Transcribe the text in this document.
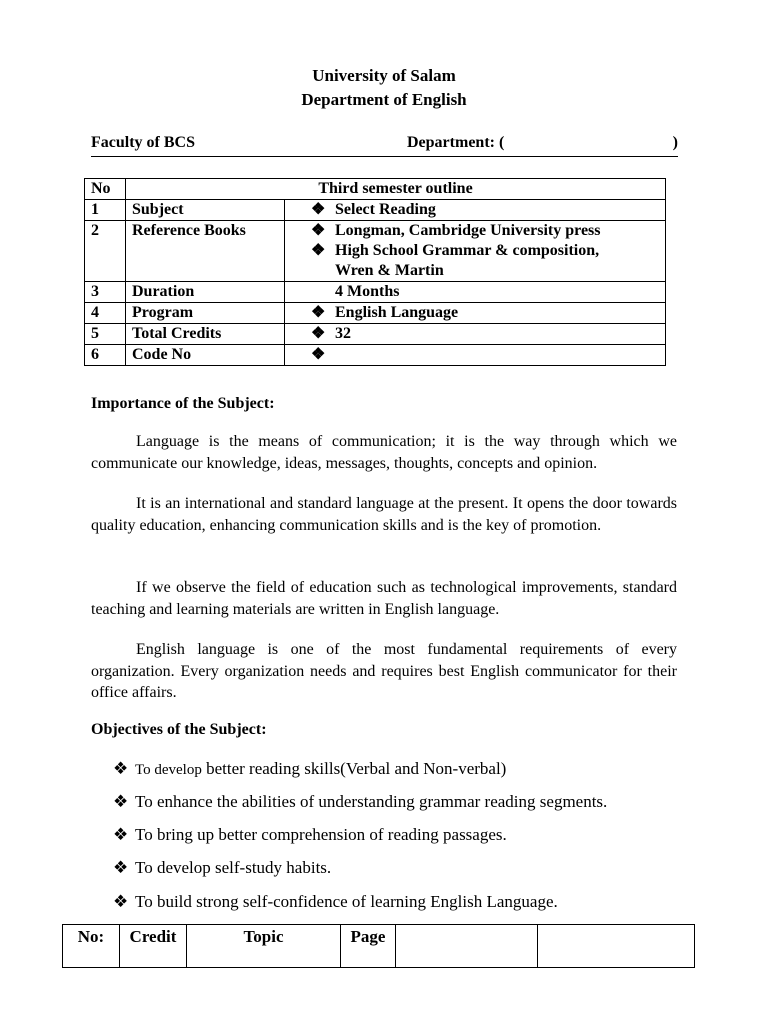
University of Salam
Department of English
Faculty of BCS	Department: (	)
No	Third semester outline	
1	Subject	❖ Select Reading

2	Reference Books	❖ Longman, Cambridge University press
❖ High School Grammar & composition,
Wren & Martin

3	Duration	4 Months

4	Program	❖ English Language

5	Total Credits	❖ 32

6	Code No	❖
Importance of the Subject:
Language is the means of communication; it is the way through which we communicate our knowledge, ideas, messages, thoughts, concepts and opinion.
It is an international and standard language at the present. It opens the door towards quality education, enhancing communication skills and is the key of promotion.
If we observe the field of education such as technological improvements, standard teaching and learning materials are written in English language.
English language is one of the most fundamental requirements of every organization. Every organization needs and requires best English communicator for their office affairs.
Objectives of the Subject:
❖ To develop better reading skills(Verbal and Non-verbal)
❖ To enhance the abilities of understanding grammar reading segments.
❖ To bring up better comprehension of reading passages.
❖ To develop self-study habits.
❖ To build strong self-confidence of learning English Language.
No:	Credit	Topic	Page		
